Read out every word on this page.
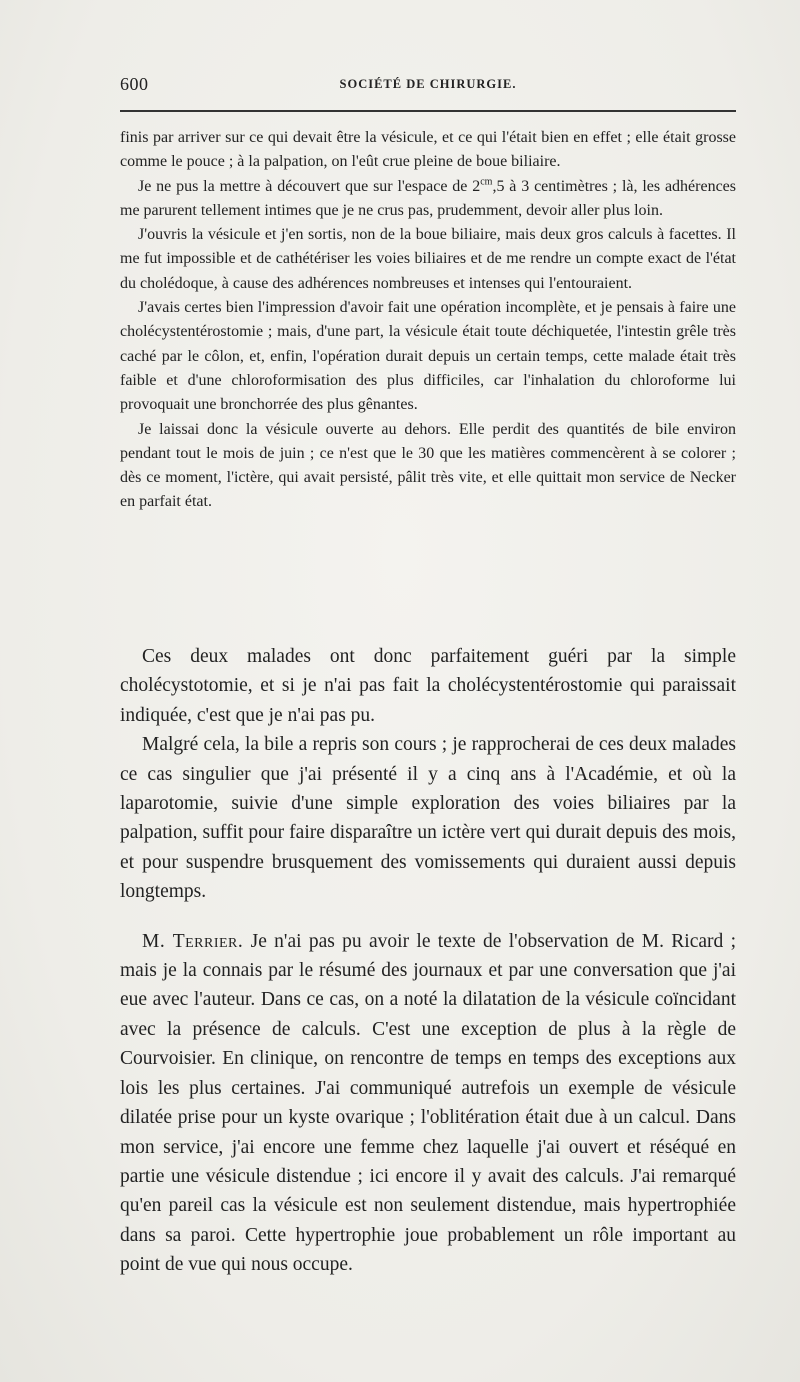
600	SOCIÉTÉ DE CHIRURGIE.

finis par arriver sur ce qui devait être la vésicule, et ce qui l'était bien en effet ; elle était grosse comme le pouce ; à la palpation, on l'eût crue pleine de boue biliaire.

Je ne pus la mettre à découvert que sur l'espace de $2^{cm},5$ à 3 centimètres ; là, les adhérences me parurent tellement intimes que je ne crus pas, prudemment, devoir aller plus loin.

J'ouvris la vésicule et j'en sortis, non de la boue biliaire, mais deux gros calculs à facettes. Il me fut impossible et de cathétériser les voies biliaires et de me rendre un compte exact de l'état du cholédoque, à cause des adhérences nombreuses et intenses qui l'entouraient.

J'avais certes bien l'impression d'avoir fait une opération incomplète, et je pensais à faire une cholécystentérostomie ; mais, d'une part, la vésicule était toute déchiquetée, l'intestin grêle très caché par le côlon, et, enfin, l'opération durait depuis un certain temps, cette malade était très faible et d'une chloroformisation des plus difficiles, car l'inhalation du chloroforme lui provoquait une bronchorrée des plus gênantes.

Je laissai donc la vésicule ouverte au dehors. Elle perdit des quantités de bile environ pendant tout le mois de juin ; ce n'est que le 30 que les matières commencèrent à se colorer ; dès ce moment, l'ictère, qui avait persisté, pâlit très vite, et elle quittait mon service de Necker en parfait état.

Ces deux malades ont donc parfaitement guéri par la simple cholécystotomie, et si je n'ai pas fait la cholécystentérostomie qui paraissait indiquée, c'est que je n'ai pas pu.

Malgré cela, la bile a repris son cours ; je rapprocherai de ces deux malades ce cas singulier que j'ai présenté il y a cinq ans à l'Académie, et où la laparotomie, suivie d'une simple exploration des voies biliaires par la palpation, suffit pour faire disparaître un ictère vert qui durait depuis des mois, et pour suspendre brusquement des vomissements qui duraient aussi depuis longtemps.

M. Terrier. Je n'ai pas pu avoir le texte de l'observation de M. Ricard ; mais je la connais par le résumé des journaux et par une conversation que j'ai eue avec l'auteur. Dans ce cas, on a noté la dilatation de la vésicule coïncidant avec la présence de calculs. C'est une exception de plus à la règle de Courvoisier. En clinique, on rencontre de temps en temps des exceptions aux lois les plus certaines. J'ai communiqué autrefois un exemple de vésicule dilatée prise pour un kyste ovarique ; l'oblitération était due à un calcul. Dans mon service, j'ai encore une femme chez laquelle j'ai ouvert et réséqué en partie une vésicule distendue ; ici encore il y avait des calculs. J'ai remarqué qu'en pareil cas la vésicule est non seulement distendue, mais hypertrophiée dans sa paroi. Cette hypertrophie joue probablement un rôle important au point de vue qui nous occupe.
